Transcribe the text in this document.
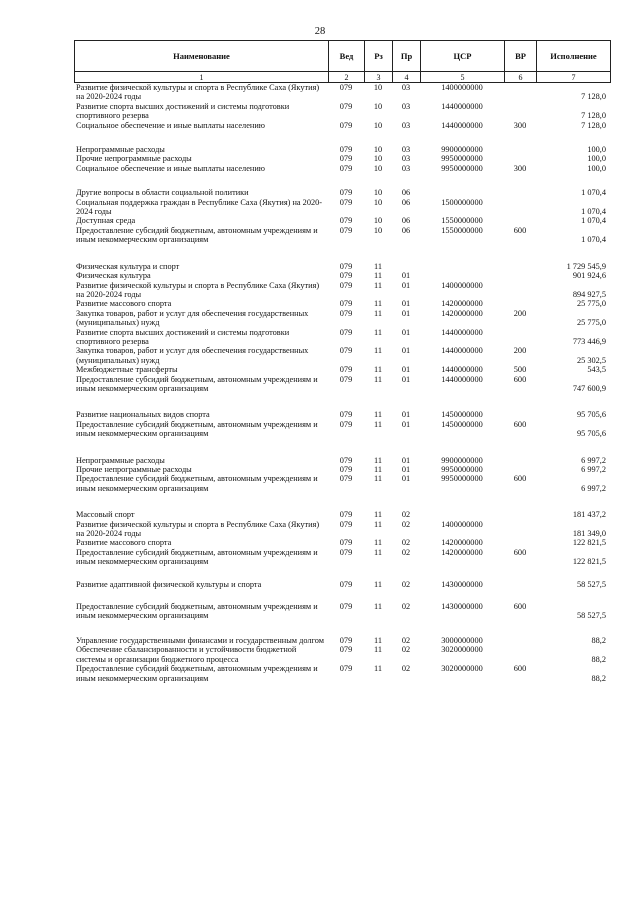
28
Наименование	Вед	Рз	Пр	ЦСР	ВР	Исполнение
1	2	3	4	5	6	7
Развитие физической культуры и спорта в Республике Саха (Якутия) на 2020-2024 годы	079	10	03	1400000000		7 128,0
Развитие спорта высших достижений и системы подготовки спортивного резерва	079	10	03	1440000000		7 128,0
Социальное обеспечение и иные выплаты населению	079	10	03	1440000000	300	7 128,0

Непрограммные расходы	079	10	03	9900000000		100,0
Прочие непрограммные расходы	079	10	03	9950000000		100,0
Социальное обеспечение и иные выплаты населению	079	10	03	9950000000	300	100,0

Другие вопросы в области социальной политики	079	10	06			1 070,4
Социальная поддержка граждан в Республике Саха (Якутия) на 2020-2024 годы	079	10	06	1500000000		1 070,4
Доступная среда	079	10	06	1550000000		1 070,4
Предоставление субсидий бюджетным, автономным учреждениям и иным некоммерческим организациям	079	10	06	1550000000	600	1 070,4

Физическая культура и спорт	079	11				1 729 545,9
Физическая культура	079	11	01			901 924,6
Развитие физической культуры и спорта в Республике Саха (Якутия) на 2020-2024 годы	079	11	01	1400000000		894 927,5
Развитие массового спорта	079	11	01	1420000000		25 775,0
Закупка товаров, работ и услуг для обеспечения государственных (муниципальных) нужд	079	11	01	1420000000	200	25 775,0
Развитие спорта высших достижений и системы подготовки спортивного резерва	079	11	01	1440000000		773 446,9
Закупка товаров, работ и услуг для обеспечения государственных (муниципальных) нужд	079	11	01	1440000000	200	25 302,5
Межбюджетные трансферты	079	11	01	1440000000	500	543,5
Предоставление субсидий бюджетным, автономным учреждениям и иным некоммерческим организациям	079	11	01	1440000000	600	747 600,9

Развитие национальных видов спорта	079	11	01	1450000000		95 705,6
Предоставление субсидий бюджетным, автономным учреждениям и иным некоммерческим организациям	079	11	01	1450000000	600	95 705,6

Непрограммные расходы	079	11	01	9900000000		6 997,2
Прочие непрограммные расходы	079	11	01	9950000000		6 997,2
Предоставление субсидий бюджетным, автономным учреждениям и иным некоммерческим организациям	079	11	01	9950000000	600	6 997,2

Массовый спорт	079	11	02			181 437,2
Развитие физической культуры и спорта в Республике Саха (Якутия) на 2020-2024 годы	079	11	02	1400000000		181 349,0
Развитие массового спорта	079	11	02	1420000000		122 821,5
Предоставление субсидий бюджетным, автономным учреждениям и иным некоммерческим организациям	079	11	02	1420000000	600	122 821,5

Развитие адаптивной физической культуры и спорта	079	11	02	1430000000		58 527,5

Предоставление субсидий бюджетным, автономным учреждениям и иным некоммерческим организациям	079	11	02	1430000000	600	58 527,5

Управление государственными финансами и государственным долгом	079	11	02	3000000000		88,2
Обеспечение сбалансированности и устойчивости бюджетной системы и организации бюджетного процесса	079	11	02	3020000000		88,2
Предоставление субсидий бюджетным, автономным учреждениям и иным некоммерческим организациям	079	11	02	3020000000	600	88,2
